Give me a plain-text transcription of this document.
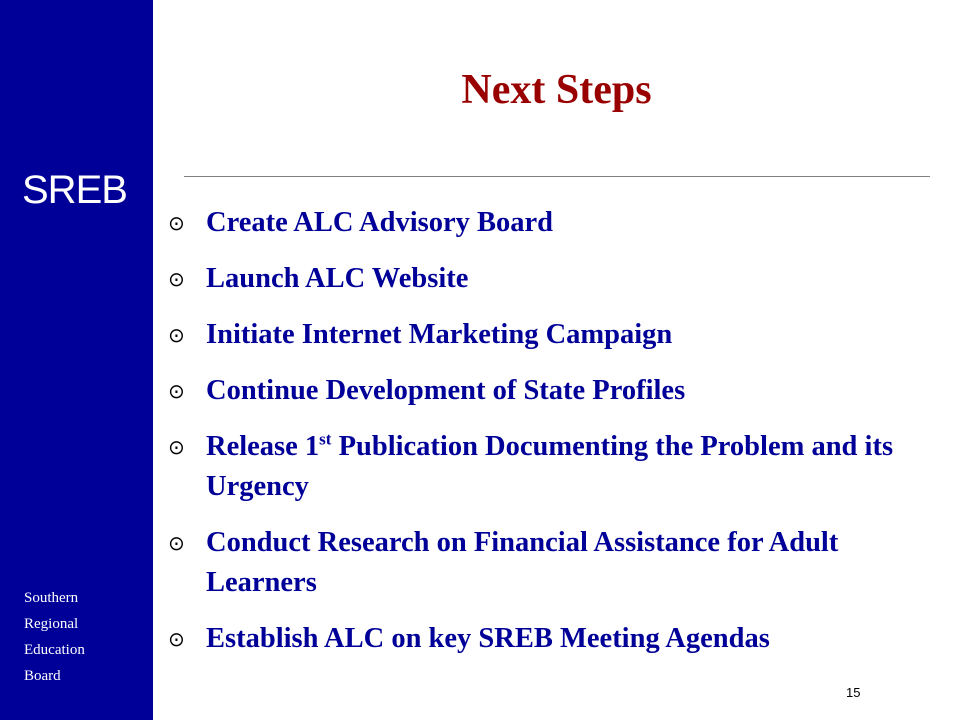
SREB
Southern
Regional
Education
Board
Next Steps
⊙ Create ALC Advisory Board
⊙ Launch ALC Website
⊙ Initiate Internet Marketing Campaign
⊙ Continue Development of State Profiles
⊙ Release 1st Publication Documenting the Problem and its Urgency
⊙ Conduct Research on Financial Assistance for Adult Learners
⊙ Establish ALC on key SREB Meeting Agendas
15
